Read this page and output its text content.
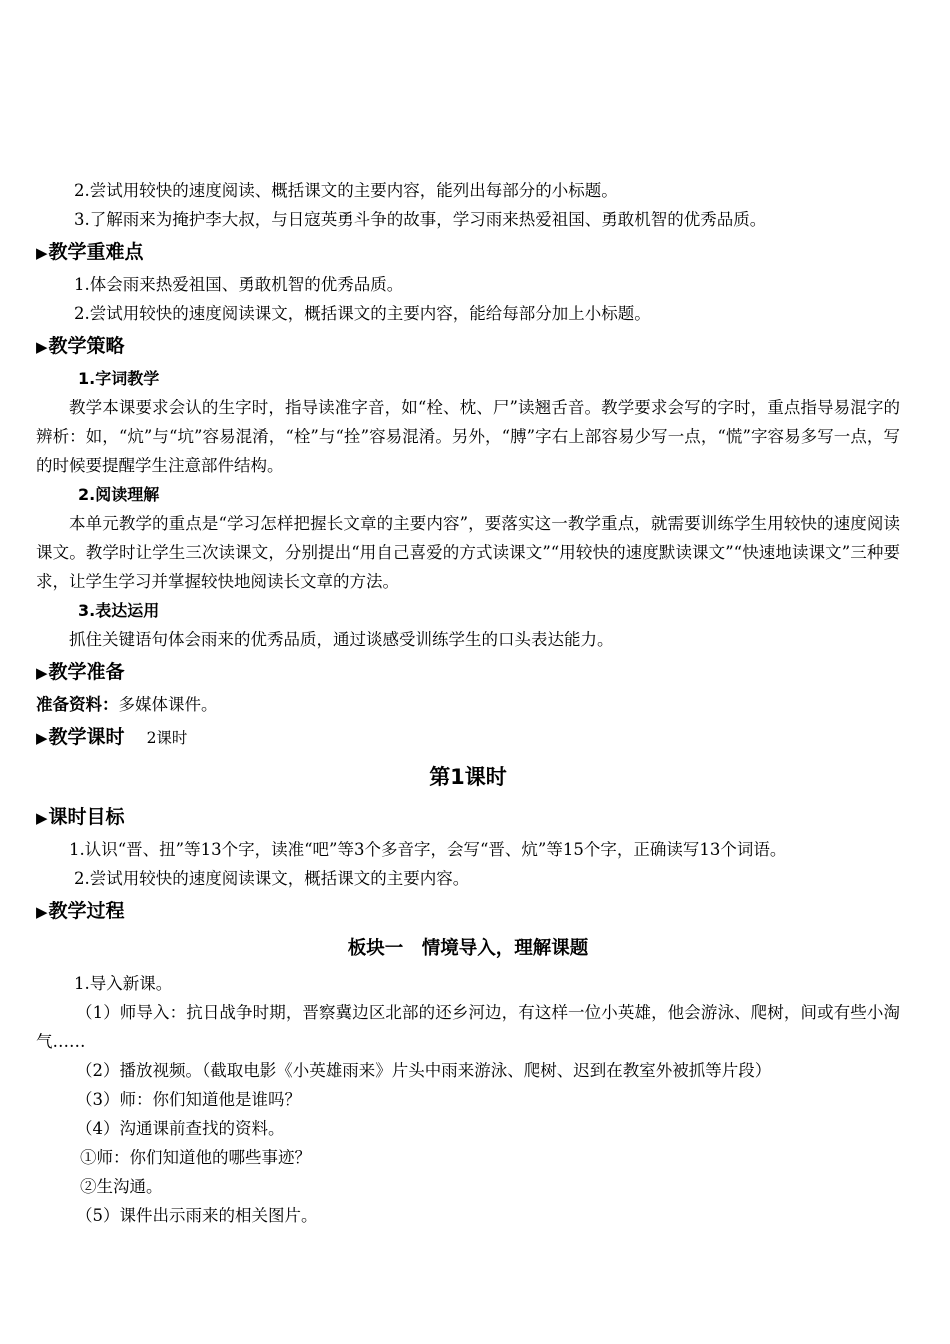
2.尝试用较快的速度阅读、概括课文的主要内容，能列出每部分的小标题。
3.了解雨来为掩护李大叔，与日寇英勇斗争的故事，学习雨来热爱祖国、勇敢机智的优秀品质。
▶教学重难点
1.体会雨来热爱祖国、勇敢机智的优秀品质。
2.尝试用较快的速度阅读课文，概括课文的主要内容，能给每部分加上小标题。
▶教学策略
1.字词教学
教学本课要求会认的生字时，指导读准字音，如“栓、枕、尸”读翘舌音。教学要求会写的字时，重点指导易混字的辨析：如，“炕”与“坑”容易混淆，“栓”与“拴”容易混淆。另外，“膊”字右上部容易少写一点，“慌”字容易多写一点，写的时候要提醒学生注意部件结构。
2.阅读理解
本单元教学的重点是“学习怎样把握长文章的主要内容”，要落实这一教学重点，就需要训练学生用较快的速度阅读课文。教学时让学生三次读课文，分别提出“用自己喜爱的方式读课文”“用较快的速度默读课文”“快速地读课文”三种要求，让学生学习并掌握较快地阅读长文章的方法。
3.表达运用
抓住关键语句体会雨来的优秀品质，通过谈感受训练学生的口头表达能力。
▶教学准备
准备资料：多媒体课件。
▶教学课时 2课时
第1课时
▶课时目标
1.认识“晋、扭”等13个字，读准“吧”等3个多音字，会写“晋、炕”等15个字，正确读写13个词语。
2.尝试用较快的速度阅读课文，概括课文的主要内容。
▶教学过程
板块一　情境导入，理解课题
1.导入新课。
（1）师导入：抗日战争时期，晋察冀边区北部的还乡河边，有这样一位小英雄，他会游泳、爬树，间或有些小淘气……
（2）播放视频。（截取电影《小英雄雨来》片头中雨来游泳、爬树、迟到在教室外被抓等片段）
（3）师：你们知道他是谁吗？
（4）沟通课前查找的资料。
①师：你们知道他的哪些事迹？
②生沟通。
（5）课件出示雨来的相关图片。
